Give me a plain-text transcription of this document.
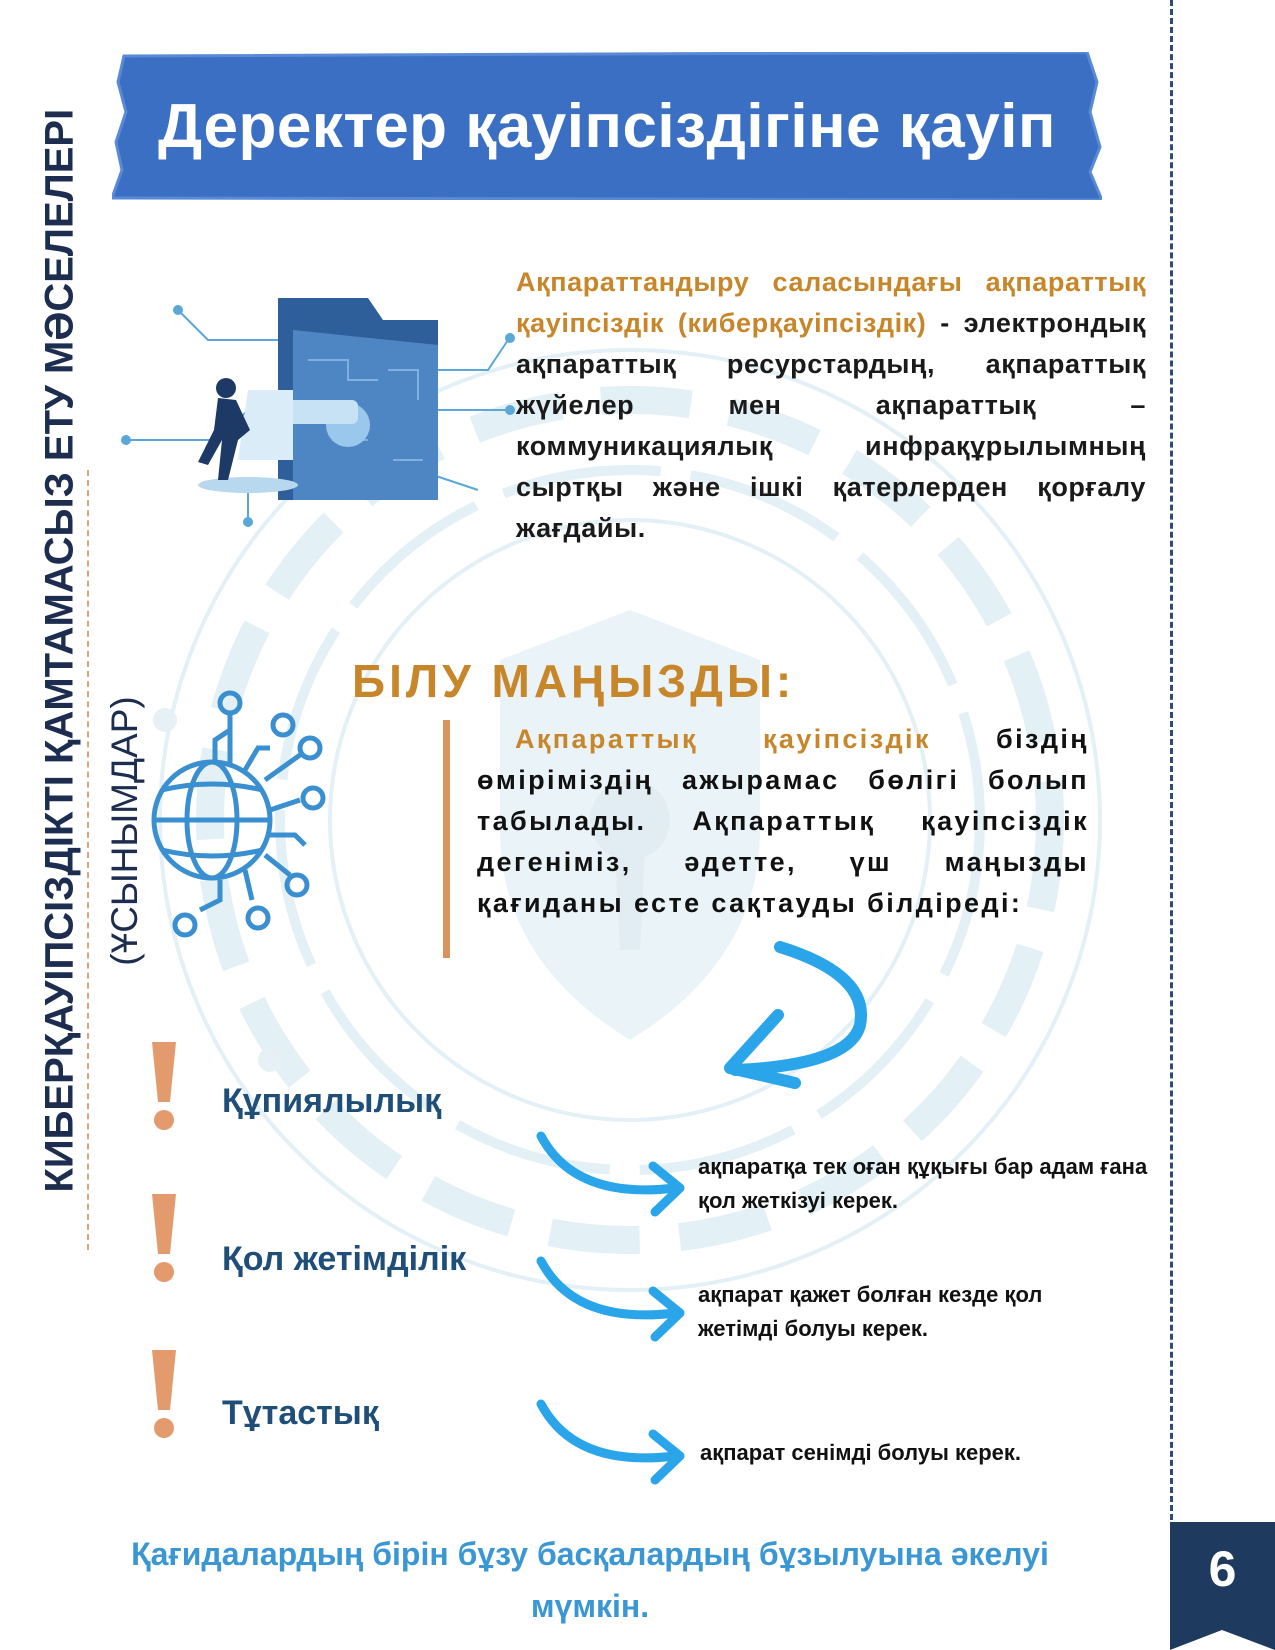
Деректер қауіпсіздігіне қауіп
КИБЕРҚАУІПСІЗДІКТІ ҚАМТАМАСЫЗ ЕТУ МӘСЕЛЕЛЕРІ (ҰСЫНЫМДАР)
Ақпараттандыру саласындағы ақпараттық қауіпсіздік (киберқауіпсіздік) - электрондық ақпараттық ресурстардың, ақпараттық жүйелер мен ақпараттық – коммуникациялық инфрақұрылымның сыртқы және ішкі қатерлерден қорғалу жағдайы.
БІЛУ МАҢЫЗДЫ:
Ақпараттық қауіпсіздік біздің өміріміздің ажырамас бөлігі болып табылады. Ақпараттық қауіпсіздік дегеніміз, әдетте, үш маңызды қағиданы есте сақтауды білдіреді:
Құпиялылық
Қол жетімділік
Тұтастық
ақпаратқа тек оған құқығы бар адам ғана қол жеткізуі керек.
ақпарат қажет болған кезде қол жетімді болуы керек.
ақпарат сенімді болуы керек.
Қағидалардың бірін бұзу басқалардың бұзылуына әкелуі мүмкін.
6
